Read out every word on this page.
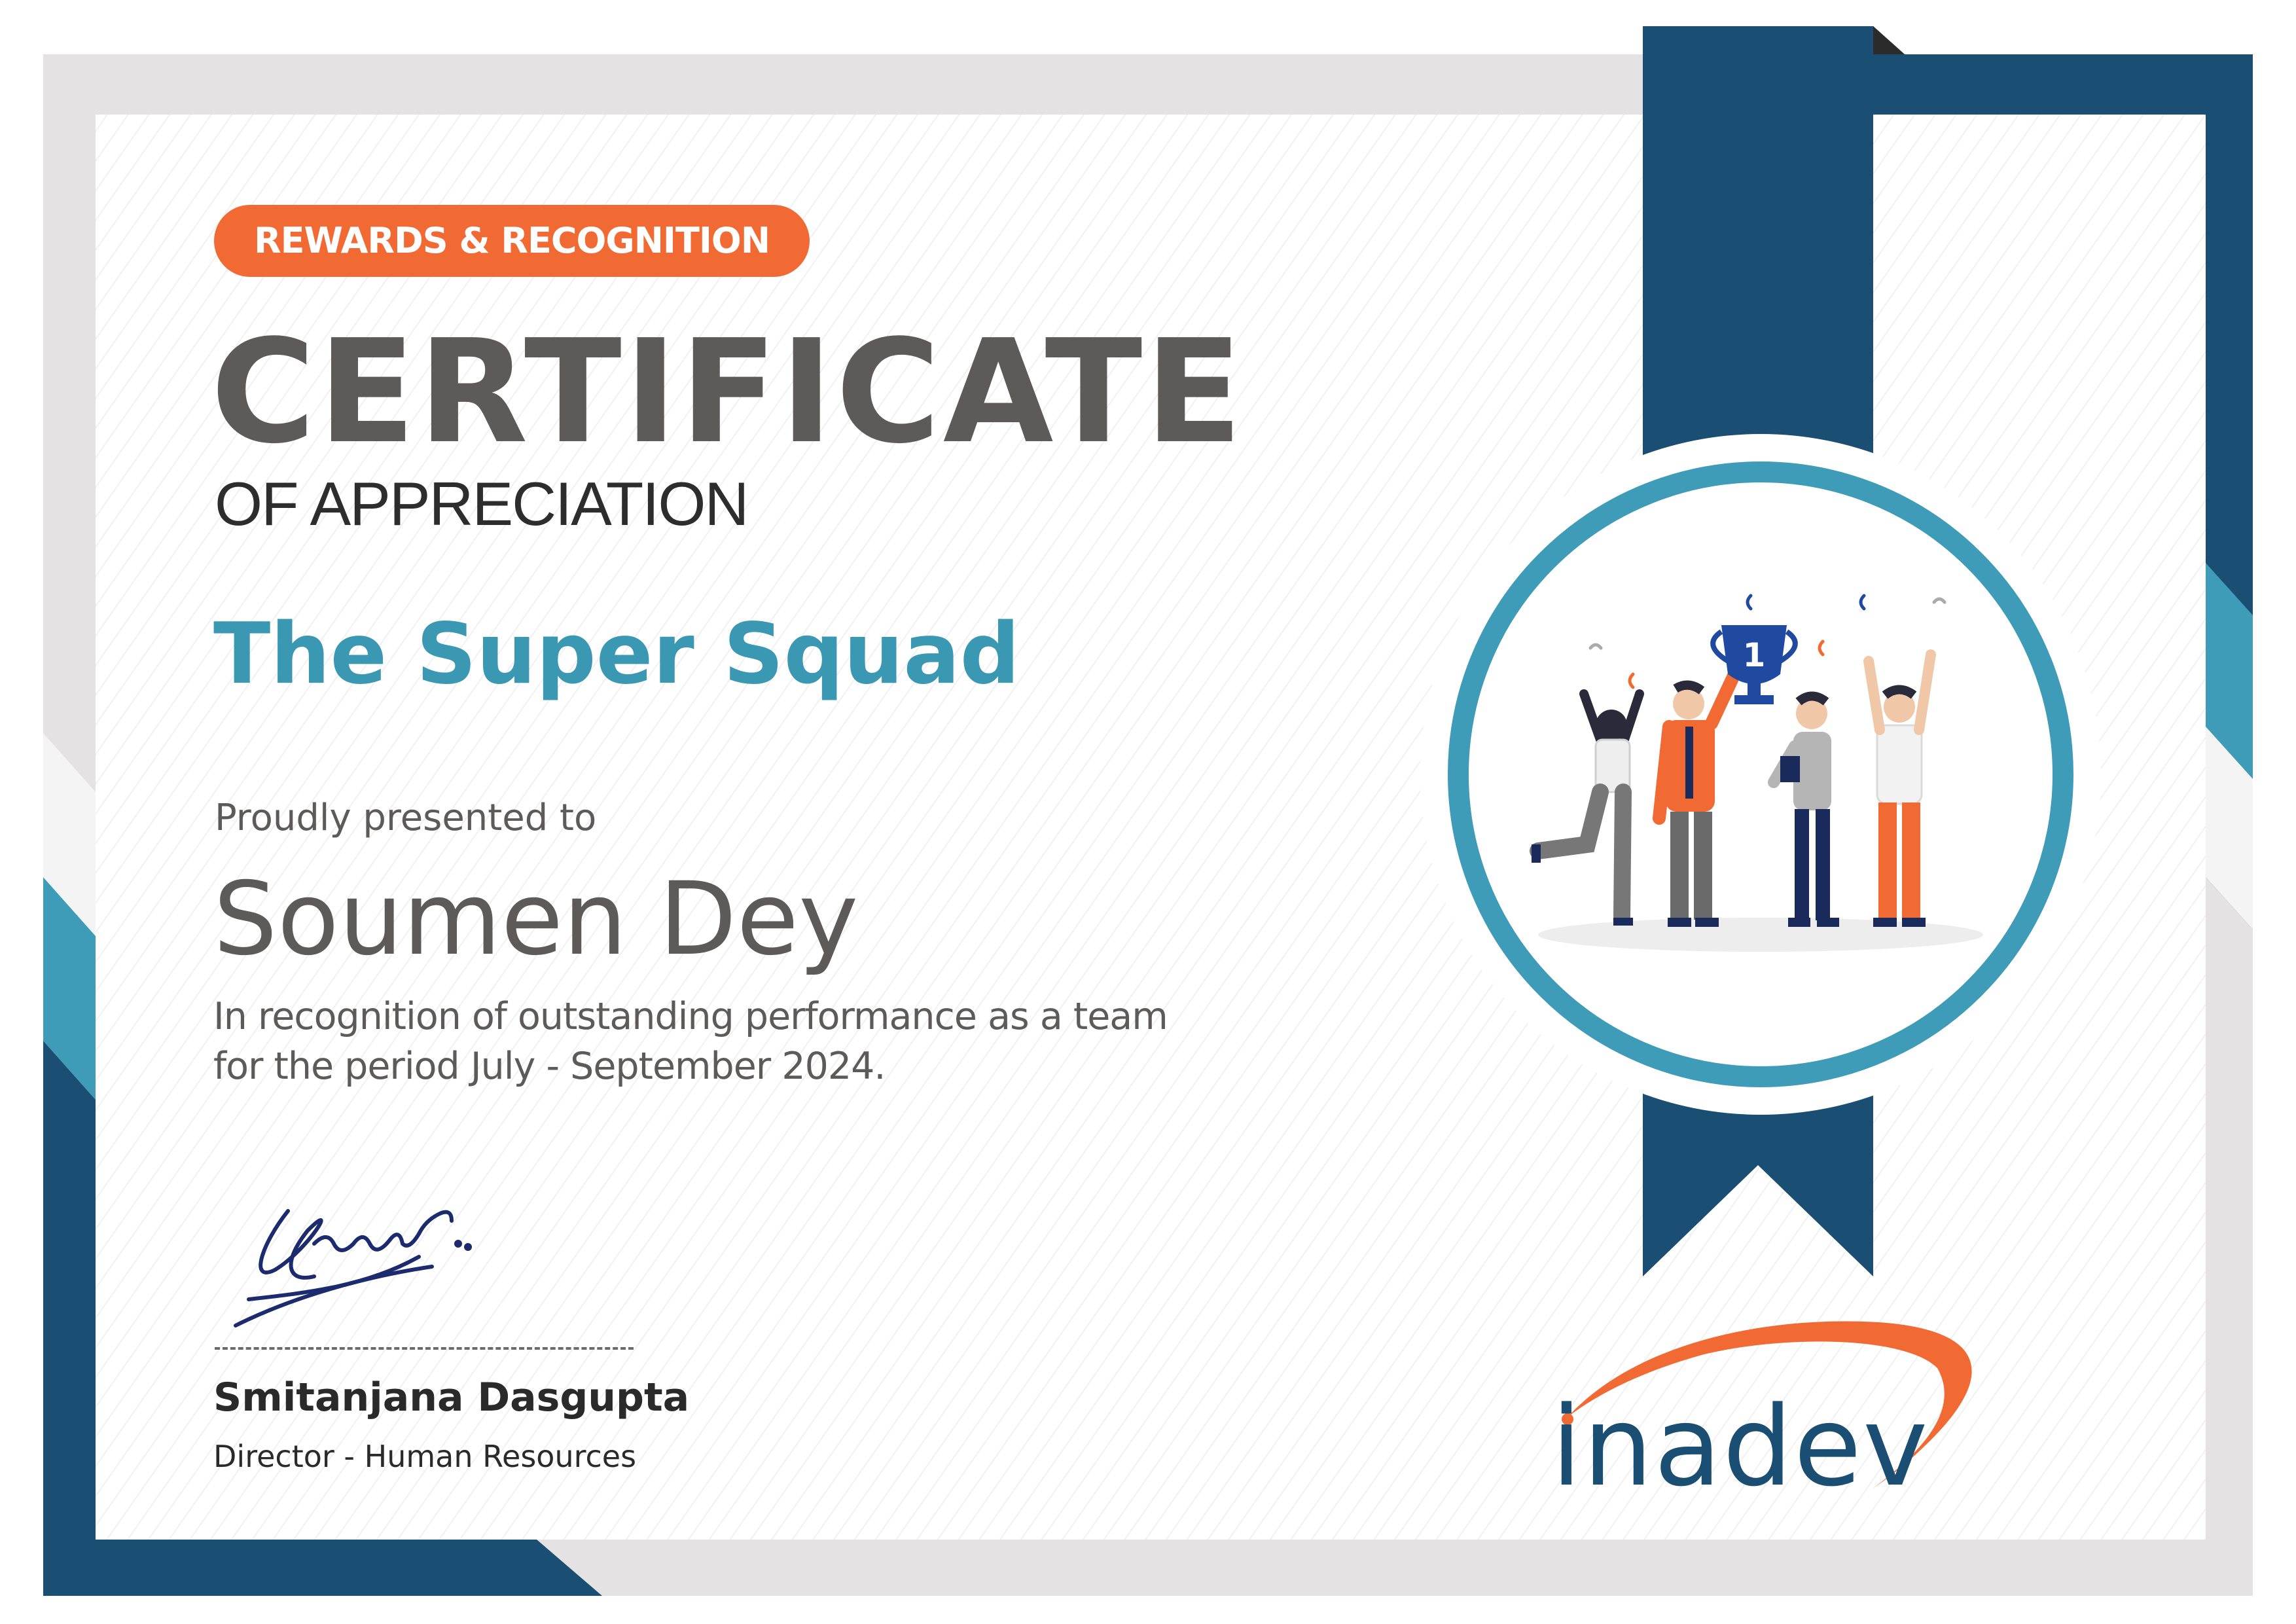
1
REWARDS & RECOGNITION
CERTIFICATE
OF APPRECIATION
The Super Squad
Proudly presented to
Soumen Dey
In recognition of outstanding performance as a team
for the period July - September 2024.
Smitanjana Dasgupta
Director - Human Resources	inadev
